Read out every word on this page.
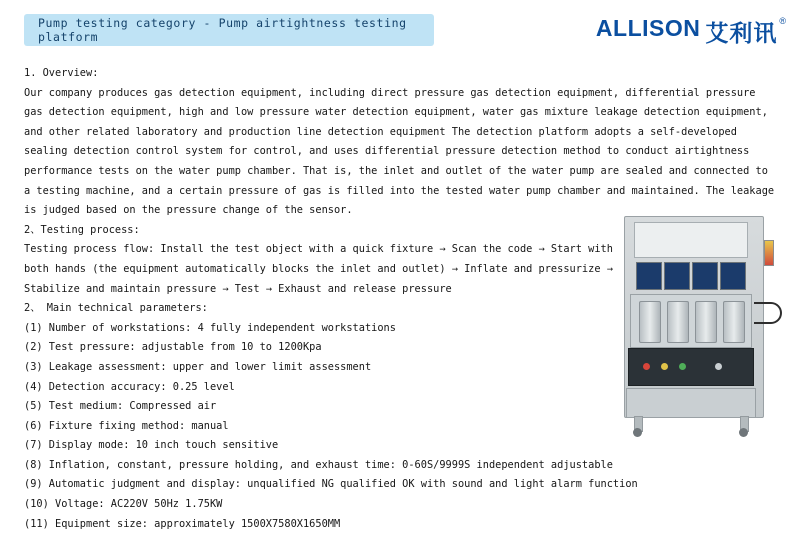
Pump testing category - Pump airtightness testing platform	ALLISON 艾利讯 ®

1. Overview:

Our company produces gas detection equipment, including direct pressure gas detection equipment, differential pressure gas detection equipment, high and low pressure water detection equipment, water gas mixture leakage detection equipment, and other related laboratory and production line detection equipment The detection platform adopts a self-developed sealing detection control system for control, and uses differential pressure detection method to conduct airtightness performance tests on the water pump chamber. That is, the inlet and outlet of the water pump are sealed and connected to a testing machine, and a certain pressure of gas is filled into the tested water pump chamber and maintained. The leakage is judged based on the pressure change of the sensor.

2、Testing process:

Testing process flow: Install the test object with a quick fixture → Scan the code → Start with both hands (the equipment automatically blocks the inlet and outlet) → Inflate and pressurize → Stabilize and maintain pressure → Test → Exhaust and release pressure

2、 Main technical parameters:

(1) Number of workstations: 4 fully independent workstations

(2) Test pressure: adjustable from 10 to 1200Kpa

(3) Leakage assessment: upper and lower limit assessment

(4) Detection accuracy: 0.25 level

(5) Test medium: Compressed air

(6) Fixture fixing method: manual

(7) Display mode: 10 inch touch sensitive

(8) Inflation, constant, pressure holding, and exhaust time: 0-60S/9999S independent adjustable

(9) Automatic judgment and display: unqualified NG qualified OK with sound and light alarm function

(10) Voltage: AC220V 50Hz 1.75KW

(11) Equipment size: approximately 1500X7580X1650MM
